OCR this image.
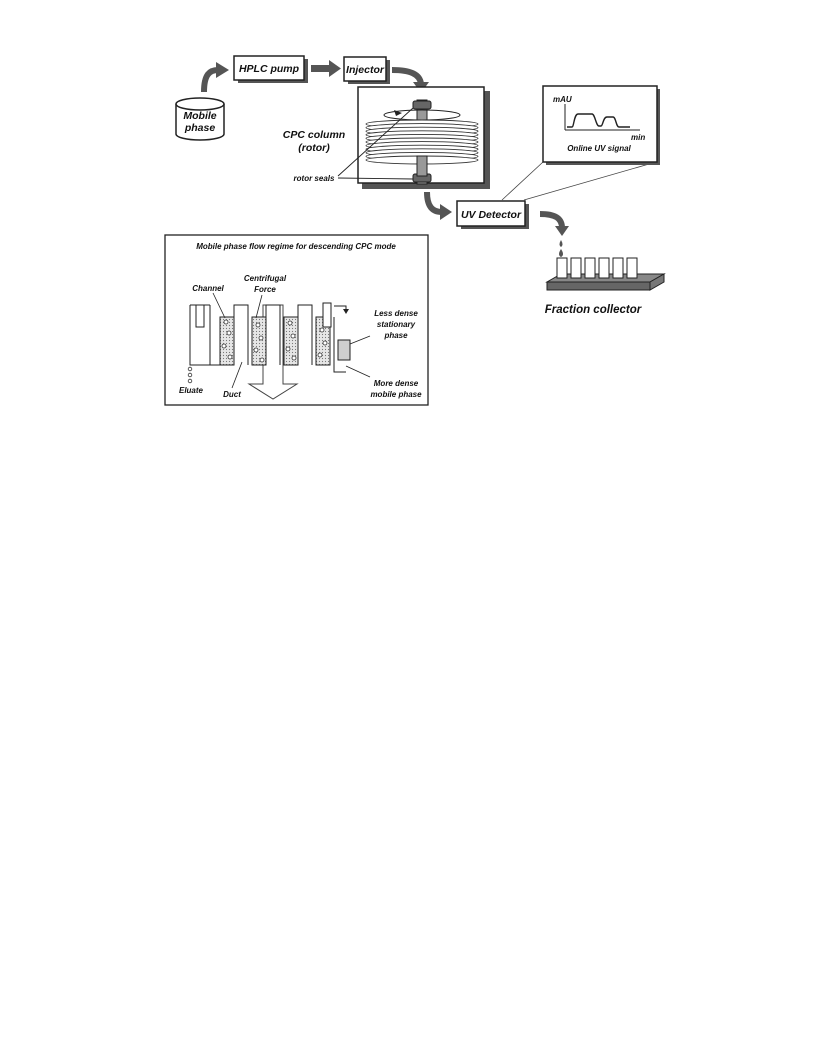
Mobile
phase
HPLC pump	Injector
CPC column
(rotor)
rotor seals
UV Detector
mAU
min
Online UV signal
Fraction collector
Mobile phase flow regime for descending CPC mode
Channel
Centrifugal
Force
Less dense
stationary
phase
More dense
mobile phase
Eluate	Duct
